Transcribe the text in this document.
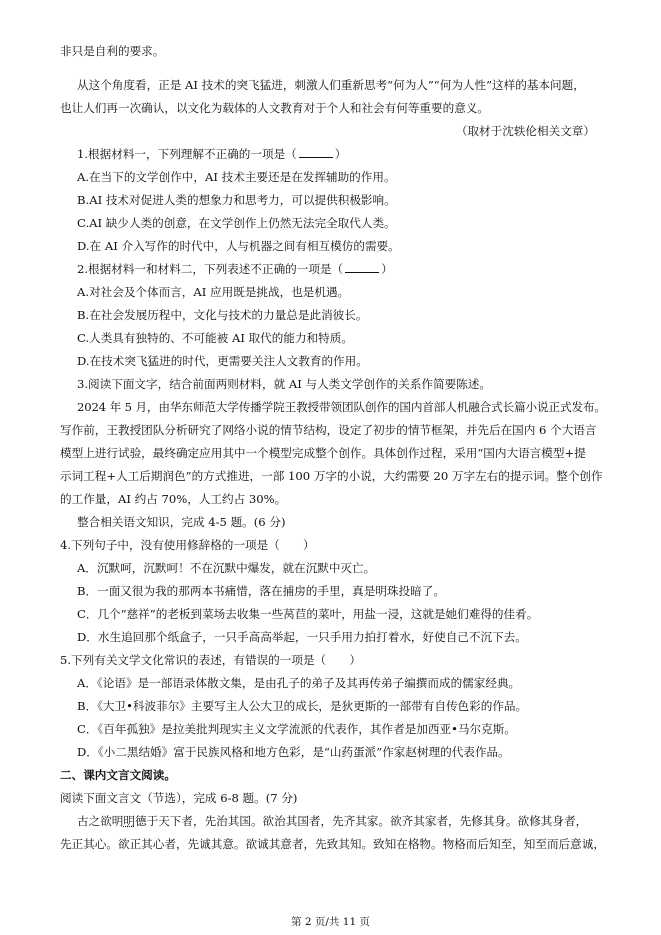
非只是自利的要求。
从这个角度看，正是 AI 技术的突飞猛进，刺激人们重新思考“何为人”“何为人性”这样的基本问题，
也让人们再一次确认，以文化为载体的人文教育对于个人和社会有何等重要的意义。
（取材于沈轶伦相关文章）
1.根据材料一，下列理解不正确的一项是（	）
A.在当下的文学创作中，AI 技术主要还是在发挥辅助的作用。
B.AI 技术对促进人类的想象力和思考力，可以提供积极影响。
C.AI 缺少人类的创意，在文学创作上仍然无法完全取代人类。
D.在 AI 介入写作的时代中，人与机器之间有相互模仿的需要。
2.根据材料一和材料二，下列表述不正确的一项是（	）
A.对社会及个体而言，AI 应用既是挑战，也是机遇。
B.在社会发展历程中，文化与技术的力量总是此消彼长。
C.人类具有独特的、不可能被 AI 取代的能力和特质。
D.在技术突飞猛进的时代，更需要关注人文教育的作用。
3.阅读下面文字，结合前面两则材料，就 AI 与人类文学创作的关系作简要陈述。
2024 年 5 月，由华东师范大学传播学院王教授带领团队创作的国内首部人机融合式长篇小说正式发布。
写作前，王教授团队分析研究了网络小说的情节结构，设定了初步的情节框架，并先后在国内 6 个大语言
模型上进行试验，最终确定应用其中一个模型完成整个创作。具体创作过程，采用“国内大语言模型+提
示词工程+人工后期润色”的方式推进，一部 100 万字的小说，大约需要 20 万字左右的提示词。整个创作
的工作量，AI 约占 70%，人工约占 30%。
整合相关语文知识，完成 4-5 题。(6 分)
4.下列句子中，没有使用修辞格的一项是（　　）
A．沉默呵，沉默呵！不在沉默中爆发，就在沉默中灭亡。
B．一面又很为我的那两本书痛惜，落在捕房的手里，真是明珠投暗了。
C．几个“慈祥”的老板到菜场去收集一些莴苣的菜叶，用盐一浸，这就是她们难得的佳肴。
D．水生追回那个纸盒子，一只手高高举起，一只手用力拍打着水，好使自己不沉下去。
5.下列有关文学文化常识的表述，有错误的一项是（　　）
A．《论语》是一部语录体散文集，是由孔子的弟子及其再传弟子编撰而成的儒家经典。
B．《大卫•科波菲尔》主要写主人公大卫的成长，是狄更斯的一部带有自传色彩的作品。
C．《百年孤独》是拉美批判现实主义文学流派的代表作，其作者是加西亚•马尔克斯。
D．《小二黑结婚》富于民族风格和地方色彩，是“山药蛋派”作家赵树理的代表作品。
二、课内文言文阅读。
阅读下面文言文（节选），完成 6-8 题。(7 分)
古之欲明明德于天下者，先治其国。欲治其国者，先齐其家。欲齐其家者，先修其身。欲修其身者，
先正其心。欲正其心者，先诚其意。欲诚其意者，先致其知。致知在格物。物格而后知至，知至而后意诚，
第 2 页/共 11 页
